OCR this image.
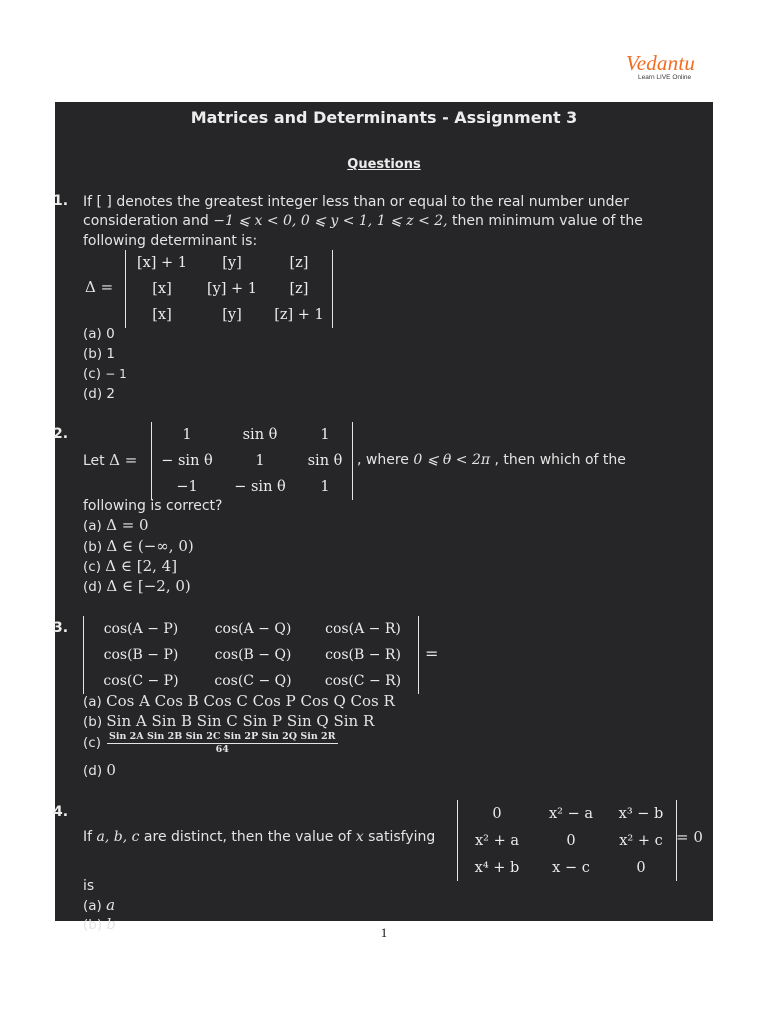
Vedantu
Learn LIVE Online
Matrices and Determinants - Assignment 3
Questions
1. If [ ] denotes the greatest integer less than or equal to the real number under
consideration and −1 ⩽ x < 0, 0 ⩽ y < 1, 1 ⩽ z < 2, then minimum value of the
following determinant is:
Δ =
[x] + 1	[y]	[z]
[x]	[y] + 1	[z]
[x]	[y]	[z] + 1
(a) 0
(b) 1
(c) − 1
(d) 2
2.
Let Δ =
1	sin θ	1
− sin θ	1	sin θ
−1	− sin θ	1
, where 0 ⩽ θ < 2π , then which of the
following is correct?
(a) Δ = 0
(b) Δ ∈ (−∞, 0)
(c) Δ ∈ [2, 4]
(d) Δ ∈ [−2, 0)
3.	cos(A − P)	cos(A − Q)	cos(A − R)
cos(B − P)	cos(B − Q)	cos(B − R)
cos(C − P)	cos(C − Q)	cos(C − R)
=
(a) Cos A Cos B Cos C Cos P Cos Q Cos R
(b) Sin A Sin B Sin C Sin P Sin Q Sin R
(c) Sin 2A Sin 2B Sin 2C Sin 2P Sin 2Q Sin 2R
64
(d) 0
4.
If a, b, c are distinct, then the value of x satisfying
0	x² − a	x³ − b
x² + a	0	x² + c
x⁴ + b	x − c	0
= 0
is
(a) a
(b) b	1
